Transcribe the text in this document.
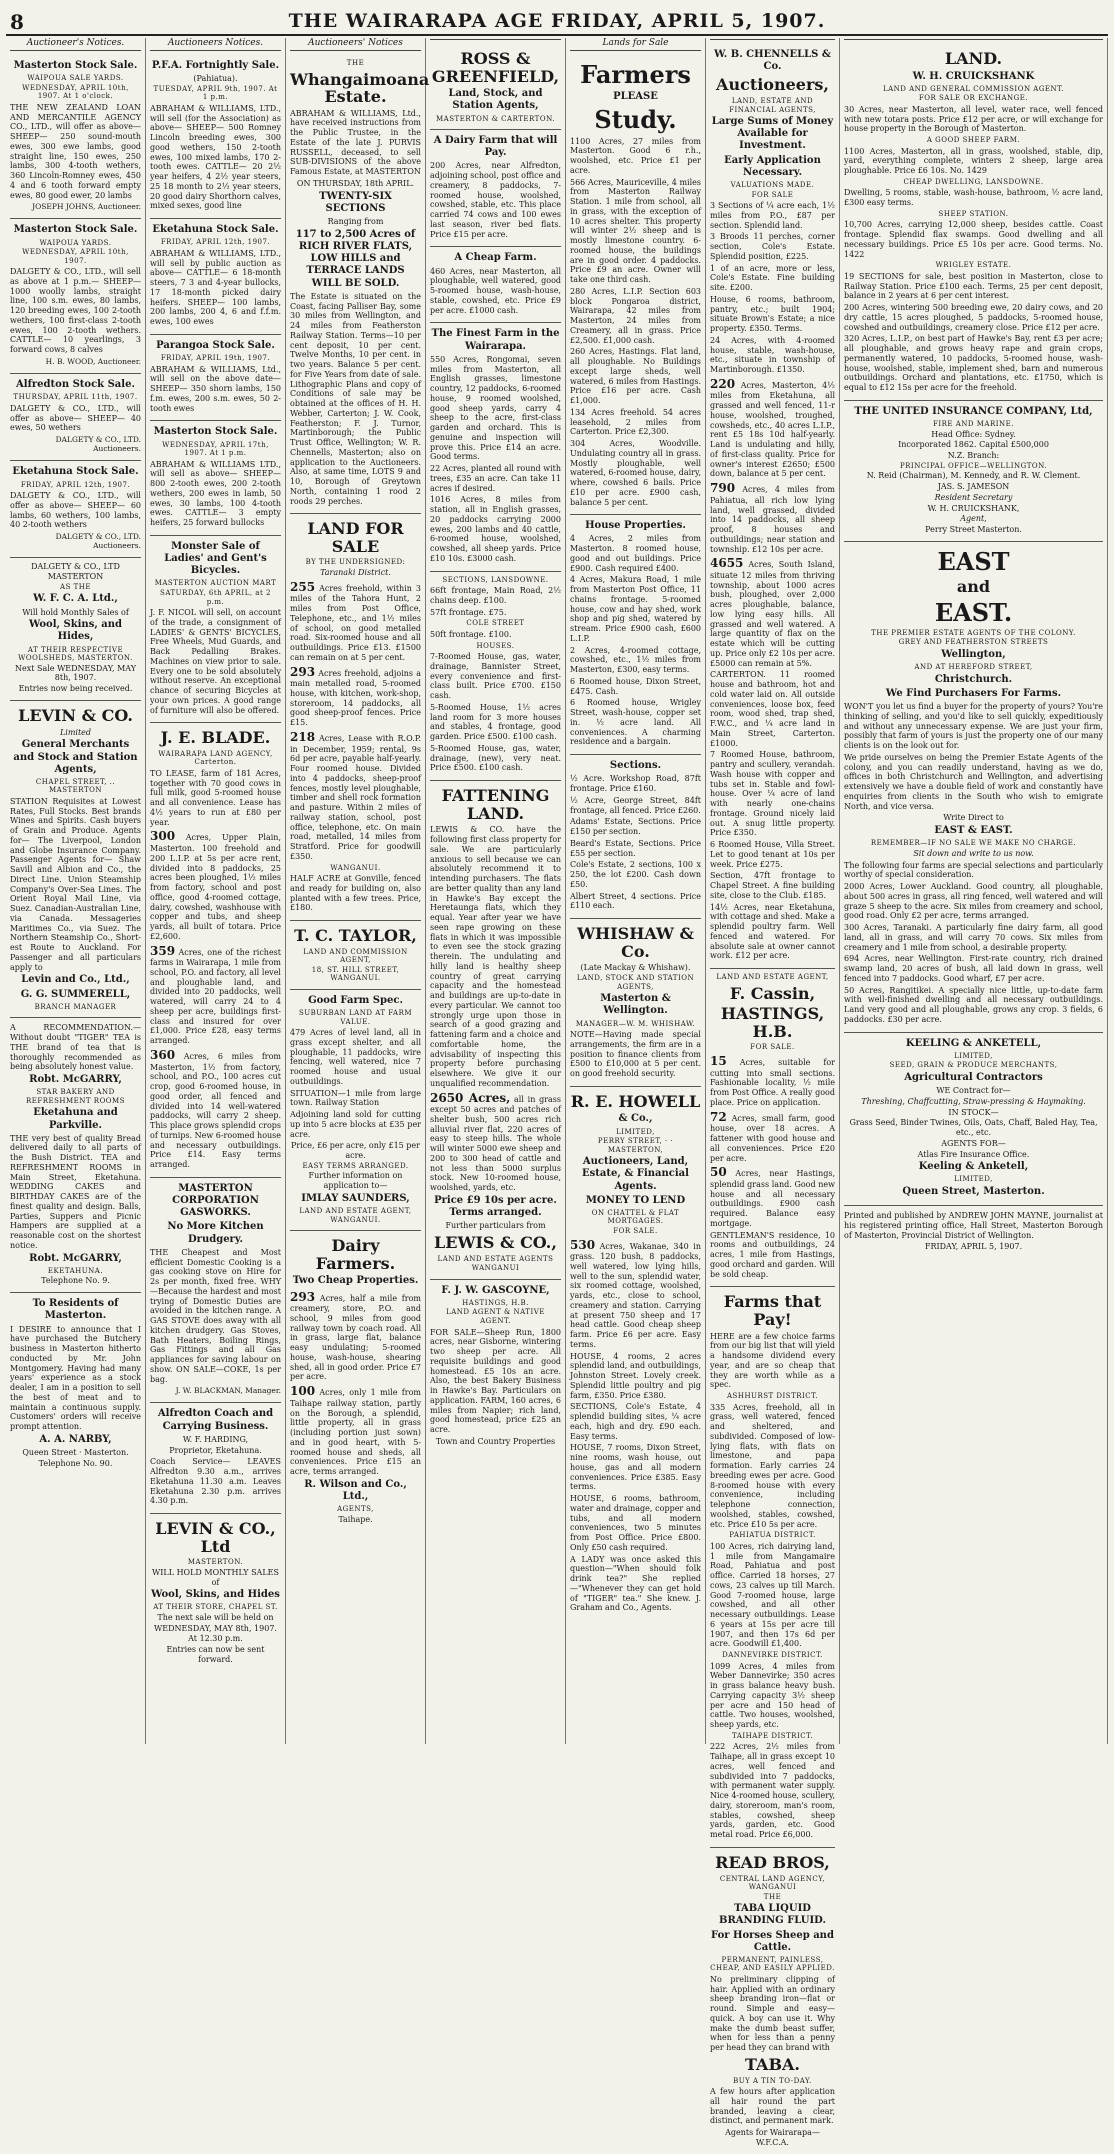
8	THE WAIRARAPA AGE FRIDAY, APRIL 5, 1907.
Auctioneer's Notices.
Masterton Stock Sale.
WAIPOUA SALE YARDS.
WEDNESDAY, APRIL 10th, 1907. At 1 o'clock.

THE NEW ZEALAND LOAN AND MERCANTILE AGENCY CO., LTD., will offer as above— SHEEP— 250 sound-mouth ewes, 300 ewe lambs, good straight line, 150 ewes, 250 lambs, 300 4-tooth wethers, 360 Lincoln-Romney ewes, 450 4 and 6 tooth forward empty ewes, 80 good ewer, 20 lambs

JOSEPH JOHNS, Auctioneer.
Masterton Stock Sale.
WAIPOUA YARDS.
WEDNESDAY, APRIL 10th, 1907.

DALGETY & CO., LTD., will sell as above at 1 p.m.— SHEEP— 1000 woolly lambs, straight line, 100 s.m. ewes, 80 lambs, 120 breeding ewes, 100 2-tooth wethers, 100 first-class 2-tooth ewes, 100 2-tooth wethers. CATTLE— 10 yearlings, 3 forward cows, 8 calves

H. B. WOOD, Auctioneer.
Alfredton Stock Sale.
THURSDAY, APRIL 11th, 1907.

DALGETY & CO., LTD., will offer as above— SHEEP— 40 ewes, 50 wethers

DALGETY & CO., LTD. Auctioneers.
Eketahuna Stock Sale.
FRIDAY, APRIL 12th, 1907.

DALGETY & CO., LTD., will offer as above— SHEEP— 60 lambs, 60 wethers, 100 lambs, 40 2-tooth wethers

DALGETY & CO., LTD. Auctioneers.
DALGETY & CO., LTD MASTERTON
AS THE
W. F. C. A. Ltd.,
Will hold Monthly Sales of
Wool, Skins, and Hides,
AT THEIR RESPECTIVE WOOLSHEDS, MASTERTON.
Next Sale WEDNESDAY, MAY 8th, 1907.
Entries now being received.
LEVIN & CO.
Limited
General Merchants and Stock and Station Agents,
CHAPEL STREET, .. MASTERTON

STATION Requisites at Lowest Rates, Full Stocks. Best brands Wines and Spirits. Cash buyers of Grain and Produce. Agents for— The Liverpool, London and Globe Insurance Company. Passenger Agents for— Shaw Savill and Albion and Co., the Direct Line. Union Steamship Company's Over-Sea Lines. The Orient Royal Mail Line, via Suez. Canadian-Australian Line, via Canada. Messageries Maritimes Co., via Suez. The Northern Steamship Co., Short-est Route to Auckland. For Passenger and all particulars apply to

Levin and Co., Ltd.,
G. G. SUMMERELL,
BRANCH MANAGER

A RECOMMENDATION.— Without doubt "TIGER" TEA is THE brand of tea that is thoroughly recommended as being absolutely honest value.

Robt. McGARRY,
STAR BAKERY AND REFRESHMENT ROOMS
Eketahuna and Parkville.

THE very best of quality Bread delivered daily to all parts of the Bush District. TEA and REFRESHMENT ROOMS in Main Street, Eketahuna. WEDDING CAKES and BIRTHDAY CAKES are of the finest quality and design. Balls, Parties, Suppers and Picnic Hampers are supplied at a reasonable cost on the shortest notice.

Robt. McGARRY,
EKETAHUNA.
Telephone No. 9.
To Residents of Masterton.

I DESIRE to announce that I have purchased the Butchery business in Masterton hitherto conducted by Mr. John Montgomery. Having had many years' experience as a stock dealer, I am in a position to sell the best of meat and to maintain a continuous supply. Customers' orders will receive prompt attention.

A. A. NARBY,
Queen Street · Masterton.
Telephone No. 90.
Auctioneers Notices.
P.F.A. Fortnightly Sale.
(Pahiatua).
TUESDAY, APRIL 9th, 1907. At 1 p.m.

ABRAHAM & WILLIAMS, LTD., will sell (for the Association) as above— SHEEP— 500 Romney Lincoln breeding ewes, 300 good wethers, 150 2-tooth ewes, 100 mixed lambs, 170 2-tooth ewes. CATTLE— 20 2½ year heifers, 4 2½ year steers, 25 18 month to 2½ year steers, 20 good dairy Shorthorn calves, mixed sexes, good line

Eketahuna Stock Sale.
FRIDAY, APRIL 12th, 1907.

ABRAHAM & WILLIAMS, LTD., will sell by public auction as above— CATTLE— 6 18-month steers, 7 3 and 4-year bullocks, 17 18-month picked dairy heifers. SHEEP— 100 lambs, 200 lambs, 200 4, 6 and f.f.m. ewes, 100 ewes

Parangoa Stock Sale.
FRIDAY, APRIL 19th, 1907.

ABRAHAM & WILLIAMS, Ltd., will sell on the above date— SHEEP— 350 shorn lambs, 150 f.m. ewes, 200 s.m. ewes, 50 2-tooth ewes

Masterton Stock Sale.
WEDNESDAY, APRIL 17th, 1907. At 1 p.m.

ABRAHAM & WILLIAMS LTD., will sell as above— SHEEP— 800 2-tooth ewes, 200 2-tooth wethers, 200 ewes in lamb, 50 ewes, 30 lambs, 100 4-tooth ewes. CATTLE— 3 empty heifers, 25 forward bullocks

Monster Sale of Ladies' and Gent's Bicycles.
MASTERTON AUCTION MART
SATURDAY, 6th APRIL, at 2 p.m.

J. F. NICOL will sell, on account of the trade, a consignment of LADIES' & GENTS' BICYCLES, Free Wheels, Mud Guards, and Back Pedalling Brakes. Machines on view prior to sale. Every one to be sold absolutely without reserve. An exceptional chance of securing Bicycles at your own prices. A good range of furniture will also be offered.

J. E. BLADE.
WAIRARAPA LAND AGENCY, Carterton.

TO LEASE, farm of 181 Acres, together with 70 good cows in full milk, good 5-roomed house and all convenience. Lease has 4½ years to run at £80 per year.

300 Acres, Upper Plain, Masterton. 100 freehold and 200 L.I.P. at 5s per acre rent, divided into 8 paddocks, 25 acres been ploughed, 1½ miles from factory, school and post office, good 4-roomed cottage, dairy, cowshed, washhouse with copper and tubs, and sheep yards, all built of totara. Price £2,600.

359 Acres, one of the richest farms in Wairarapa, 1 mile from school, P.O. and factory, all level and ploughable land, and divided into 20 paddocks, well watered, will carry 24 to 4 sheep per acre, buildings first-class and insured for over £1,000. Price £28, easy terms arranged.

360 Acres, 6 miles from Masterton, 1½ from factory, school, and P.O., 100 acres cut crop, good 6-roomed house, in good order, all fenced and divided into 14 well-watered paddocks, will carry 2 sheep. This place grows splendid crops of turnips. New 6-roomed house and necessary outbuildings. Price £14. Easy terms arranged.

MASTERTON CORPORATION GASWORKS.
No More Kitchen Drudgery.

THE Cheapest and Most efficient Domestic Cooking is a gas cooking stove on Hire for 2s per month, fixed free. WHY—Because the hardest and most trying of Domestic Duties are avoided in the kitchen range. A GAS STOVE does away with all kitchen drudgery. Gas Stoves, Bath Heaters, Boiling Rings, Gas Fittings and all Gas appliances for saving labour on show. ON SALE—COKE, 1s per bag.

J. W. BLACKMAN, Manager.
Alfredton Coach and Carrying Business.
W. F. HARDING,
Proprietor, Eketahuna.

Coach Service— LEAVES Alfredton 9.30 a.m., arrives Eketahuna 11.30 a.m. Leaves Eketahuna 2.30 p.m. arrives 4.30 p.m.

LEVIN & CO., Ltd
MASTERTON.
WILL HOLD MONTHLY SALES of
Wool, Skins, and Hides
AT THEIR STORE, CHAPEL ST.
The next sale will be held on
WEDNESDAY, MAY 8th, 1907.
At 12.30 p.m.
Entries can now be sent forward.
Auctioneers' Notices
THE
Whangaimoana Estate.

ABRAHAM & WILLIAMS, Ltd., have received instructions from the Public Trustee, in the Estate of the late J. PURVIS RUSSELL, deceased, to sell SUB-DIVISIONS of the above Famous Estate, at MASTERTON

ON THURSDAY, 18th APRIL.
TWENTY-SIX SECTIONS
Ranging from
117 to 2,500 Acres of RICH RIVER FLATS, LOW HILLS and TERRACE LANDS WILL BE SOLD.

The Estate is situated on the Coast, facing Palliser Bay, some 30 miles from Wellington, and 24 miles from Featherston Railway Station. Terms—10 per cent deposit, 10 per cent. Twelve Months, 10 per cent. in two years. Balance 5 per cent. for Five Years from date of sale. Lithographic Plans and copy of Conditions of sale may be obtained at the offices of H. H. Webber, Carterton; J. W. Cook, Featherston; F. J. Turnor, Martinborough; the Public Trust Office, Wellington; W. R. Chennells, Masterton; also on application to the Auctioneers. Also, at same time, LOTS 9 and 10, Borough of Greytown North, containing 1 rood 2 roods 29 perches.

LAND FOR SALE
BY THE UNDERSIGNED:
Taranaki District.

255 Acres freehold, within 3 miles of the Tahora Hunt, 2 miles from Post Office, Telephone, etc., and 1½ miles of school, on good metalled road. Six-roomed house and all outbuildings. Price £13. £1500 can remain on at 5 per cent.

293 Acres freehold, adjoins a main metalled road, 5-roomed house, with kitchen, work-shop, storeroom, 14 paddocks, all good sheep-proof fences. Price £15.

218 Acres, Lease with R.O.P. in December, 1959; rental, 9s 6d per acre, payable half-yearly. Four roomed house. Divided into 4 paddocks, sheep-proof fences, mostly level ploughable, timber and shell rock formation and pasture. Within 2 miles of railway station, school, post office, telephone, etc. On main road, metalled, 14 miles from Stratford. Price for goodwill £350.

WANGANUI.

HALF ACRE at Gonville, fenced and ready for building on, also planted with a few trees. Price, £180.

T. C. TAYLOR,
LAND AND COMMISSION AGENT,
18, ST. HILL STREET, WANGANUI.
Good Farm Spec.
SUBURBAN LAND AT FARM VALUE.

479 Acres of level land, all in grass except shelter, and all ploughable, 11 paddocks, wire fencing, well watered, nice 7 roomed house and usual outbuildings.

SITUATION—1 mile from large town. Railway Station

Adjoining land sold for cutting up into 5 acre blocks at £35 per acre.

Price, £6 per acre, only £15 per acre.
EASY TERMS ARRANGED.
Further information on application to—
IMLAY SAUNDERS,
LAND AND ESTATE AGENT, WANGANUI.
Dairy Farmers.
Two Cheap Properties.

293 Acres, half a mile from creamery, store, P.O. and school, 9 miles from good railway town by coach road. All in grass, large flat, balance easy undulating; 5-roomed house, wash-house, shearing shed, all in good order. Price £7 per acre.

100 Acres, only 1 mile from Taihape railway station, partly on the Borough, a splendid, little property, all in grass (including portion just sown) and in good heart, with 5-roomed house and sheds, all conveniences. Price £15 an acre, terms arranged.

R. Wilson and Co., Ltd.,
AGENTS,
Taihape.
ROSS & GREENFIELD,
Land, Stock, and Station Agents,
MASTERTON & CARTERTON.
A Dairy Farm that will Pay.

200 Acres, near Alfredton, adjoining school, post office and creamery, 8 paddocks, 7-roomed house, woolshed, cowshed, stable, etc. This place carried 74 cows and 100 ewes last season, river bed flats. Price £15 per acre.

A Cheap Farm.

460 Acres, near Masterton, all ploughable, well watered, good 5-roomed house, wash-house, stable, cowshed, etc. Price £9 per acre. £1000 cash.

The Finest Farm in the Wairarapa.

550 Acres, Rongomai, seven miles from Masterton, all English grasses, limestone country, 12 paddocks, 6-roomed house, 9 roomed woolshed, good sheep yards, carry 4 sheep to the acre, first-class garden and orchard. This is genuine and inspection will prove this. Price £14 an acre. Good terms.

22 Acres, planted all round with trees, £35 an acre. Can take 11 acres if desired.

1016 Acres, 8 miles from station, all in English grasses, 20 paddocks carrying 2000 ewes, 200 lambs and 40 cattle, 6-roomed house, woolshed, cowshed, all sheep yards. Price £10 10s. £3000 cash.

SECTIONS, LANSDOWNE.

66ft frontage, Main Road, 2½ chains deep. £100.

57ft frontage. £75.

COLE STREET

50ft frontage. £100.

HOUSES.

7-Roomed House, gas, water, drainage, Bannister Street, every convenience and first-class built. Price £700. £150 cash.

5-Roomed House, 1½ acres land room for 3 more houses and stables, 4 frontage, good garden. Price £500. £100 cash.

5-Roomed House, gas, water, drainage, (new), very neat. Price £500. £100 cash.

FATTENING LAND.

LEWIS & CO. have the following first class property for sale. We are particularly anxious to sell because we can absolutely recommend it to intending purchasers. The flats are better quality than any land in Hawke's Bay except the Heretaunga flats, which they equal. Year after year we have seen rape growing on these flats in which it was impossible to even see the stock grazing therein. The undulating and hilly land is healthy sheep country of great carrying capacity and the homestead and buildings are up-to-date in every particular. We cannot too strongly urge upon those in search of a good grazing and fattening farm and a choice and comfortable home, the advisability of inspecting this property before purchasing elsewhere. We give it our unqualified recommendation.

2650 Acres, all in grass except 50 acres and patches of shelter bush, 500 acres rich alluvial river flat, 220 acres of easy to steep hills. The whole will winter 5000 ewe sheep and 200 to 300 head of cattle and not less than 5000 surplus stock. New 10-roomed house, woolshed, yards, etc.

Price £9 10s per acre. Terms arranged.
Further particulars from
LEWIS & CO.,
LAND AND ESTATE AGENTS
WANGANUI
F. J. W. GASCOYNE,
HASTINGS, H.B.
LAND AGENT & NATIVE AGENT.

FOR SALE—Sheep Run, 1800 acres, near Gisborne, wintering two sheep per acre. All requisite buildings and good homestead. £5 10s an acre. Also, the best Bakery Business in Hawke's Bay. Particulars on application. FARM, 160 acres, 6 miles from Napier; rich land, good homestead, price £25 an acre.

Town and Country Properties
Lands for Sale
Farmers
PLEASE
Study.

1100 Acres, 27 miles from Masterton. Good 6 r.h., woolshed, etc. Price £1 per acre.

566 Acres, Mauriceville, 4 miles from Masterton Railway Station. 1 mile from school, all in grass, with the exception of 10 acres shelter. This property will winter 2½ sheep and is mostly limestone country. 6-roomed house, the buildings are in good order. 4 paddocks. Price £9 an acre. Owner will take one third cash.

280 Acres, L.I.P. Section 603 block Pongaroa district, Wairarapa, 42 miles from Masterton, 24 miles from Creamery, all in grass. Price £2,500. £1,000 cash.

260 Acres, Hastings. Flat land, all ploughable. No Buildings except large sheds, well watered, 6 miles from Hastings. Price £16 per acre. Cash £1,000.

134 Acres freehold. 54 acres leasehold, 2 miles from Carterton. Price £2,300.

304 Acres, Woodville. Undulating country all in grass. Mostly ploughable, well watered, 6-roomed house, dairy, where, cowshed 6 bails. Price £10 per acre. £900 cash, balance 5 per cent.

House Properties.

4 Acres, 2 miles from Masterton. 8 roomed house, good and out buildings. Price £900. Cash required £400.

4 Acres, Makura Road, 1 mile from Masterton Post Office, 11 chains frontage. 5-roomed house, cow and hay shed, work shop and pig shed, watered by stream. Price £900 cash, £600 L.I.P.

2 Acres, 4-roomed cottage, cowshed, etc., 1½ miles from Masterton, £300, easy terms.

6 Roomed house, Dixon Street, £475. Cash.

6 Roomed house, Wrigley Street, wash-house, copper set in. ½ acre land. All conveniences. A charming residence and a bargain.

Sections.

½ Acre. Workshop Road, 87ft frontage. Price £160.

½ Acre, George Street, 84ft frontage, all fenced. Price £260.

Adams' Estate, Sections. Price £150 per section.

Beard's Estate, Sections. Price £55 per section.

Cole's Estate, 2 sections, 100 x 250, the lot £200. Cash down £50.

Albert Street, 4 sections. Price £110 each.

WHISHAW & Co.
(Late Mackay & Whishaw).
LAND, STOCK AND STATION AGENTS,
Masterton & Wellington.
MANAGER—W. M. WHISHAW.

NOTE—Having made special arrangements, the firm are in a position to finance clients from £500 to £10,000 at 5 per cent. on good freehold security.

R. E. HOWELL
& Co.,
LIMITED,
PERRY STREET, · · MASTERTON,
Auctioneers, Land, Estate, & Financial Agents.
MONEY TO LEND
ON CHATTEL & FLAT MORTGAGES.
FOR SALE.

530 Acres, Wakanae, 340 in grass. 120 bush, 8 paddocks, well watered, low lying hills, well to the sun, splendid water, six roomed cottage, woolshed, yards, etc., close to school, creamery and station. Carrying at present 750 sheep and 17 head cattle. Good cheap sheep farm. Price £6 per acre. Easy terms.

HOUSE, 4 rooms, 2 acres splendid land, and outbuildings, Johnston Street. Lovely creek. Splendid little poultry and pig farm, £350. Price £380.

SECTIONS, Cole's Estate, 4 splendid building sites, ¼ acre each, high and dry. £90 each. Easy terms.

HOUSE, 7 rooms, Dixon Street, nine rooms, wash house, out house, gas and all modern conveniences. Price £385. Easy terms.

HOUSE, 6 rooms, bathroom, water and drainage, copper and tubs, and all modern conveniences, two 5 minutes from Post Office. Price £800. Only £50 cash required.

A LADY was once asked this question—"When should folk drink tea?" She replied—"Whenever they can get hold of "TIGER" tea." She knew. J. Graham and Co., Agents.

W. B. CHENNELLS & Co.
Auctioneers,
LAND, ESTATE AND FINANCIAL AGENTS,
Large Sums of Money Available for Investment.
Early Application Necessary.
VALUATIONS MADE.
FOR SALE

3 Sections of ¼ acre each, 1½ miles from P.O., £87 per section. Splendid land.

3 Broods 11 perches, corner section, Cole's Estate. Splendid position, £225.

1 of an acre, more or less, Cole's Estate. Fine building site. £200.

House, 6 rooms, bathroom, pantry, etc.; built 1904; situate Brown's Estate; a nice property. £350. Terms.

24 Acres, with 4-roomed house, stable, wash-house, etc., situate in township of Martinborough. £1350.

220 Acres, Masterton, 4½ miles from Eketahuna, all grassed and well fenced, 11-r house, woolshed, troughed, cowsheds, etc., 40 acres L.I.P., rent £5 18s 10d half-yearly. Land is undulating and hilly, of first-class quality. Price for owner's interest £2650; £500 down, balance at 5 per cent.

790 Acres, 4 miles from Pahiatua, all rich low lying land, well grassed, divided into 14 paddocks, all sheep proof, 8 houses and outbuildings; near station and township. £12 10s per acre.

4655 Acres, South Island, situate 12 miles from thriving township, about 1000 acres bush, ploughed, over 2,000 acres ploughable, balance, low lying easy hills. All grassed and well watered. A large quantity of flax on the estate which will be cutting up. Price only £2 10s per acre. £5000 can remain at 5%.

CARTERTON. 11 roomed house and bathroom, hot and cold water laid on. All outside conveniences, loose box, feed room, wood shed, trap shed, F.W.C., and ¼ acre land in Main Street, Carterton. £1000.

7 Roomed House, bathroom, pantry and scullery, verandah. Wash house with copper and tubs set in. Stable and fowl-house. Over ¼ acre of land with nearly one-chains frontage. Ground nicely laid out. A snug little property. Price £350.

6 Roomed House, Villa Street. Let to good tenant at 10s per week. Price £275.

Section, 47ft frontage to Chapel Street. A fine building site, close to the Club. £185.

14½ Acres, near Eketahuna, with cottage and shed. Make a splendid poultry farm. Well fenced and watered. For absolute sale at owner cannot work. £12 per acre.

LAND AND ESTATE AGENT,
F. Cassin,
HASTINGS, H.B.
FOR SALE.

15 Acres, suitable for cutting into small sections. Fashionable locality, ½ mile from Post Office. A really good place. Price on application.

72 Acres, small farm, good house, over 18 acres. A fattener with good house and all conveniences. Price £20 per acre.

50 Acres, near Hastings, splendid grass land. Good new house and all necessary outbuildings. £900 cash required. Balance easy mortgage.

GENTLEMAN'S residence, 10 rooms and outbuildings, 24 acres, 1 mile from Hastings, good orchard and garden. Will be sold cheap.

Farms that Pay!

HERE are a few choice farms from our big list that will yield a handsome dividend every year, and are so cheap that they are worth while as a spec.

ASHHURST DISTRICT.

335 Acres, freehold, all in grass, well watered, fenced and sheltered, and subdivided. Composed of low-lying flats, with flats on limestone, and papa formation. Early carries 24 breeding ewes per acre. Good 8-roomed house with every convenience, including telephone connection, woolshed, stables, cowshed, etc. Price £10 5s per acre.

PAHIATUA DISTRICT.

100 Acres, rich dairying land, 1 mile from Mangamaire Road, Pahiatua and post office. Carried 18 horses, 27 cows, 23 calves up till March. Good 7-roomed house, large cowshed, and all other necessary outbuildings. Lease 6 years at 15s per acre till 1907, and then 17s 6d per acre. Goodwill £1,400.

DANNEVIRKE DISTRICT.

1099 Acres, 4 miles from Weber Dannevirke; 350 acres in grass balance heavy bush. Carrying capacity 3½ sheep per acre and 150 head of cattle. Two houses, woolshed, sheep yards, etc.

TAIHAPE DISTRICT.

222 Acres, 2½ miles from Taihape, all in grass except 10 acres, well fenced and subdivided into 7 paddocks, with permanent water supply. Nice 4-roomed house, scullery, dairy, storeroom, man's room, stables, cowshed, sheep yards, garden, etc. Good metal road. Price £6,000.

READ BROS,
CENTRAL LAND AGENCY, WANGANUI
THE
TABA LIQUID BRANDING FLUID.
For Horses Sheep and Cattle.
PERMANENT, PAINLESS, CHEAP, AND EASILY APPLIED.

No preliminary clipping of hair. Applied with an ordinary sheep branding iron—flat or round. Simple and easy—quick. A boy can use it. Why make the dumb beast suffer, when for less than a penny per head they can brand with

TABA.
BUY A TIN TO-DAY.

A few hours after application all hair round the part branded, leaving a clear, distinct, and permanent mark.

Agents for Wairarapa—W.F.C.A.
LAND.
W. H. CRUICKSHANK
LAND AND GENERAL COMMISSION AGENT.
FOR SALE OR EXCHANGE.

30 Acres, near Masterton, all level, water race, well fenced with new totara posts. Price £12 per acre, or will exchange for house property in the Borough of Masterton.

A GOOD SHEEP FARM.

1100 Acres, Masterton, all in grass, woolshed, stable, dip, yard, everything complete, winters 2 sheep, large area ploughable. Price £6 10s. No. 1429

CHEAP DWELLING, LANSDOWNE.

Dwelling, 5 rooms, stable, wash-house, bathroom, ½ acre land, £300 easy terms.

SHEEP STATION.

10,700 Acres, carrying 12,000 sheep, besides cattle. Coast frontage. Splendid flax swamps. Good dwelling and all necessary buildings. Price £5 10s per acre. Good terms. No. 1422

WRIGLEY ESTATE.

19 SECTIONS for sale, best position in Masterton, close to Railway Station. Price £100 each. Terms, 25 per cent deposit, balance in 2 years at 6 per cent interest.

200 Acres, wintering 500 breeding ewe, 20 dairy cows, and 20 dry cattle, 15 acres ploughed, 5 paddocks, 5-roomed house, cowshed and outbuildings, creamery close. Price £12 per acre.

320 Acres, L.I.P., on best part of Hawke's Bay, rent £3 per acre; all ploughable, and grows heavy rape and grain crops, permanently watered, 10 paddocks, 5-roomed house, wash-house, woolshed, stable, implement shed, barn and numerous outbuildings. Orchard and plantations, etc. £1750, which is equal to £12 15s per acre for the freehold.

THE UNITED INSURANCE COMPANY, Ltd,
FIRE AND MARINE.
Head Office: Sydney.
Incorporated 1862. Capital £500,000
N.Z. Branch:
PRINCIPAL OFFICE—WELLINGTON.
N. Reid (Chairman), M. Kennedy, and R. W. Clement.
JAS. S. JAMESON
Resident Secretary
W. H. CRUICKSHANK,
Agent,
Perry Street Masterton.
EAST
and
EAST.
THE PREMIER ESTATE AGENTS OF THE COLONY.
GREY AND FEATHERSTON STREETS
Wellington,
AND AT HEREFORD STREET,
Christchurch.
We Find Purchasers For Farms.

WON'T you let us find a buyer for the property of yours? You're thinking of selling, and you'd like to sell quickly, expeditiously and without any unnecessary expense. We are just your firm, possibly that farm of yours is just the property one of our many clients is on the look out for.

We pride ourselves on being the Premier Estate Agents of the colony, and you can readily understand, having as we do, offices in both Christchurch and Wellington, and advertising extensively we have a double field of work and constantly have enquiries from clients in the South who wish to emigrate North, and vice versa.

Write Direct to
EAST & EAST.
REMEMBER—IF NO SALE WE MAKE NO CHARGE.
Sit down and write to us now.

The following four farms are special selections and particularly worthy of special consideration.

2000 Acres, Lower Auckland. Good country, all ploughable, about 500 acres in grass, all ring fenced, well watered and will graze 5 sheep to the acre. Six miles from creamery and school, good road. Only £2 per acre, terms arranged.

300 Acres, Taranaki. A particularly fine dairy farm, all good land, all in grass, and will carry 70 cows. Six miles from creamery and 1 mile from school, a desirable property.

694 Acres, near Wellington. First-rate country, rich drained swamp land, 20 acres of bush, all laid down in grass, well fenced into 7 paddocks. Good wharf, £7 per acre.

50 Acres, Rangitikei. A specially nice little, up-to-date farm with well-finished dwelling and all necessary outbuildings. Land very good and all ploughable, grows any crop. 3 fields, 6 paddocks. £30 per acre.

KEELING & ANKETELL,
LIMITED,
SEED, GRAIN & PRODUCE MERCHANTS,
Agricultural Contractors
WE Contract for—
Threshing, Chaffcutting, Straw-pressing & Haymaking.
IN STOCK—
Grass Seed, Binder Twines, Oils, Oats, Chaff, Baled Hay, Tea, etc., etc.
AGENTS FOR—
Atlas Fire Insurance Office.
Keeling & Anketell,
LIMITED,
Queen Street, Masterton.

Printed and published by ANDREW JOHN MAYNE, journalist at his registered printing office, Hall Street, Masterton Borough of Masterton, Provincial District of Wellington.

FRIDAY, APRIL 5, 1907.
